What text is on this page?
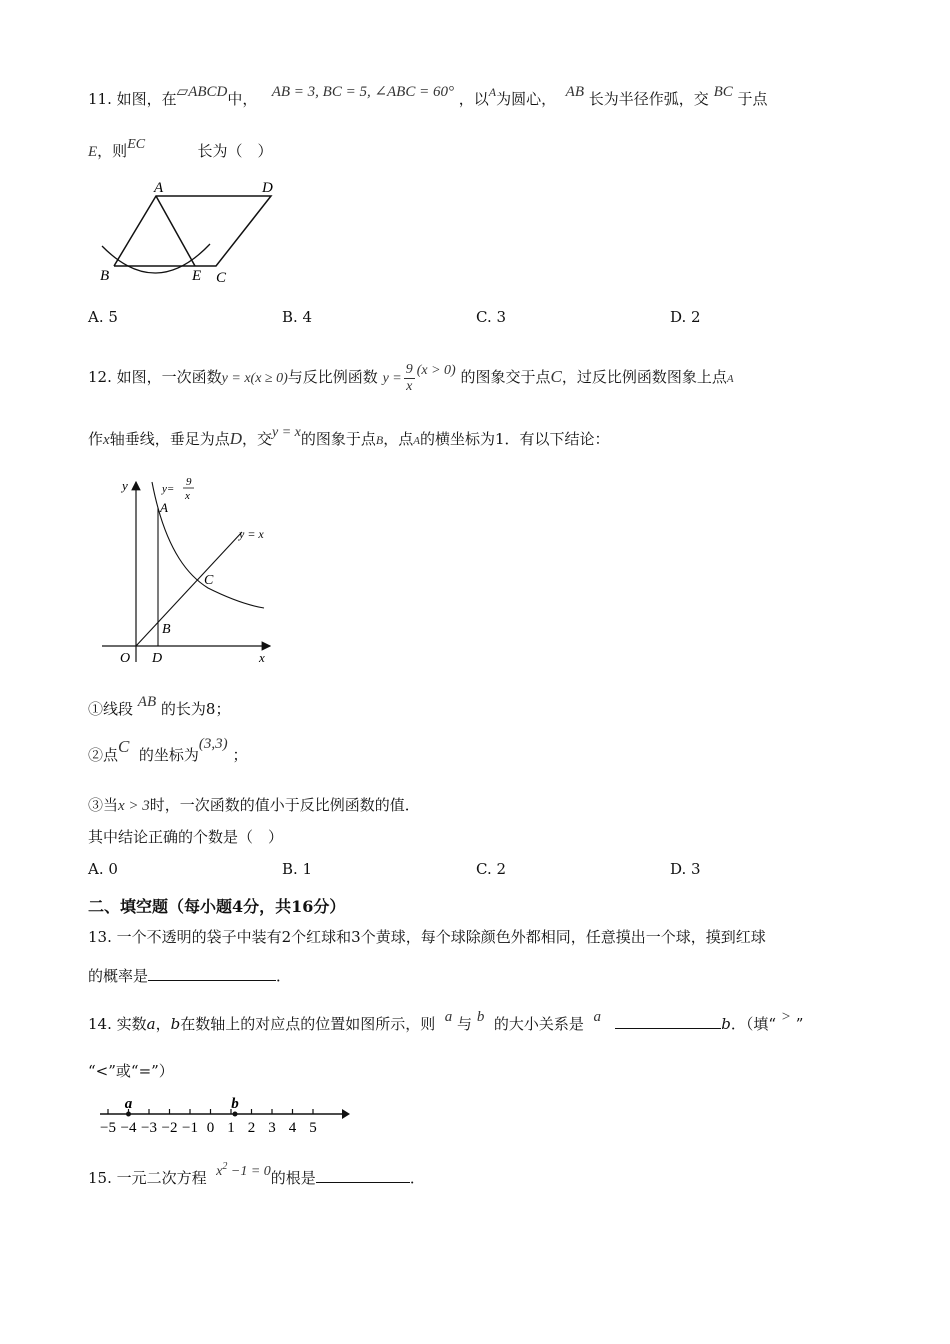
11. 如图，在▱ABCD中， AB = 3, BC = 5, ∠ABC = 60° ，以$^A$为圆心， AB 长为半径作弧，交 BC 于点
E，则EC	长为（　）
A	D
B	E C
A. 5	B. 4	C. 3	D. 2
12. 如图，一次函数y = x(x ≥ 0)与反比例函数 $y = \frac{9}{x} (x > 0)$ 的图象交于点C，过反比例函数图象上点A
作x轴垂线，垂足为点D，交y = x的图象于点B，点A的横坐标为1．有以下结论：
y
x
O D
B
C
A
y = x
y=
9
x
①线段 AB 的长为8；
②点C 的坐标为(3,3) ；
③当x > 3时，一次函数的值小于反比例函数的值．
其中结论正确的个数是（　）
A. 0	B. 1	C. 2	D. 3
二、填空题（每小题4分，共16分）
13. 一个不透明的袋子中装有2个红球和3个黄球，每个球除颜色外都相同，任意摸出一个球，摸到红球
的概率是	．
14. 实数a，b在数轴上的对应点的位置如图所示，则 a 与 b 的大小关系是 a	b．（填“ > ”
“<”或“=”）
−5 −4 −3 −2 −1 0 1 2 3 4 5
a	b
15. 一元二次方程 $x^2 -1 = 0$的根是	．
